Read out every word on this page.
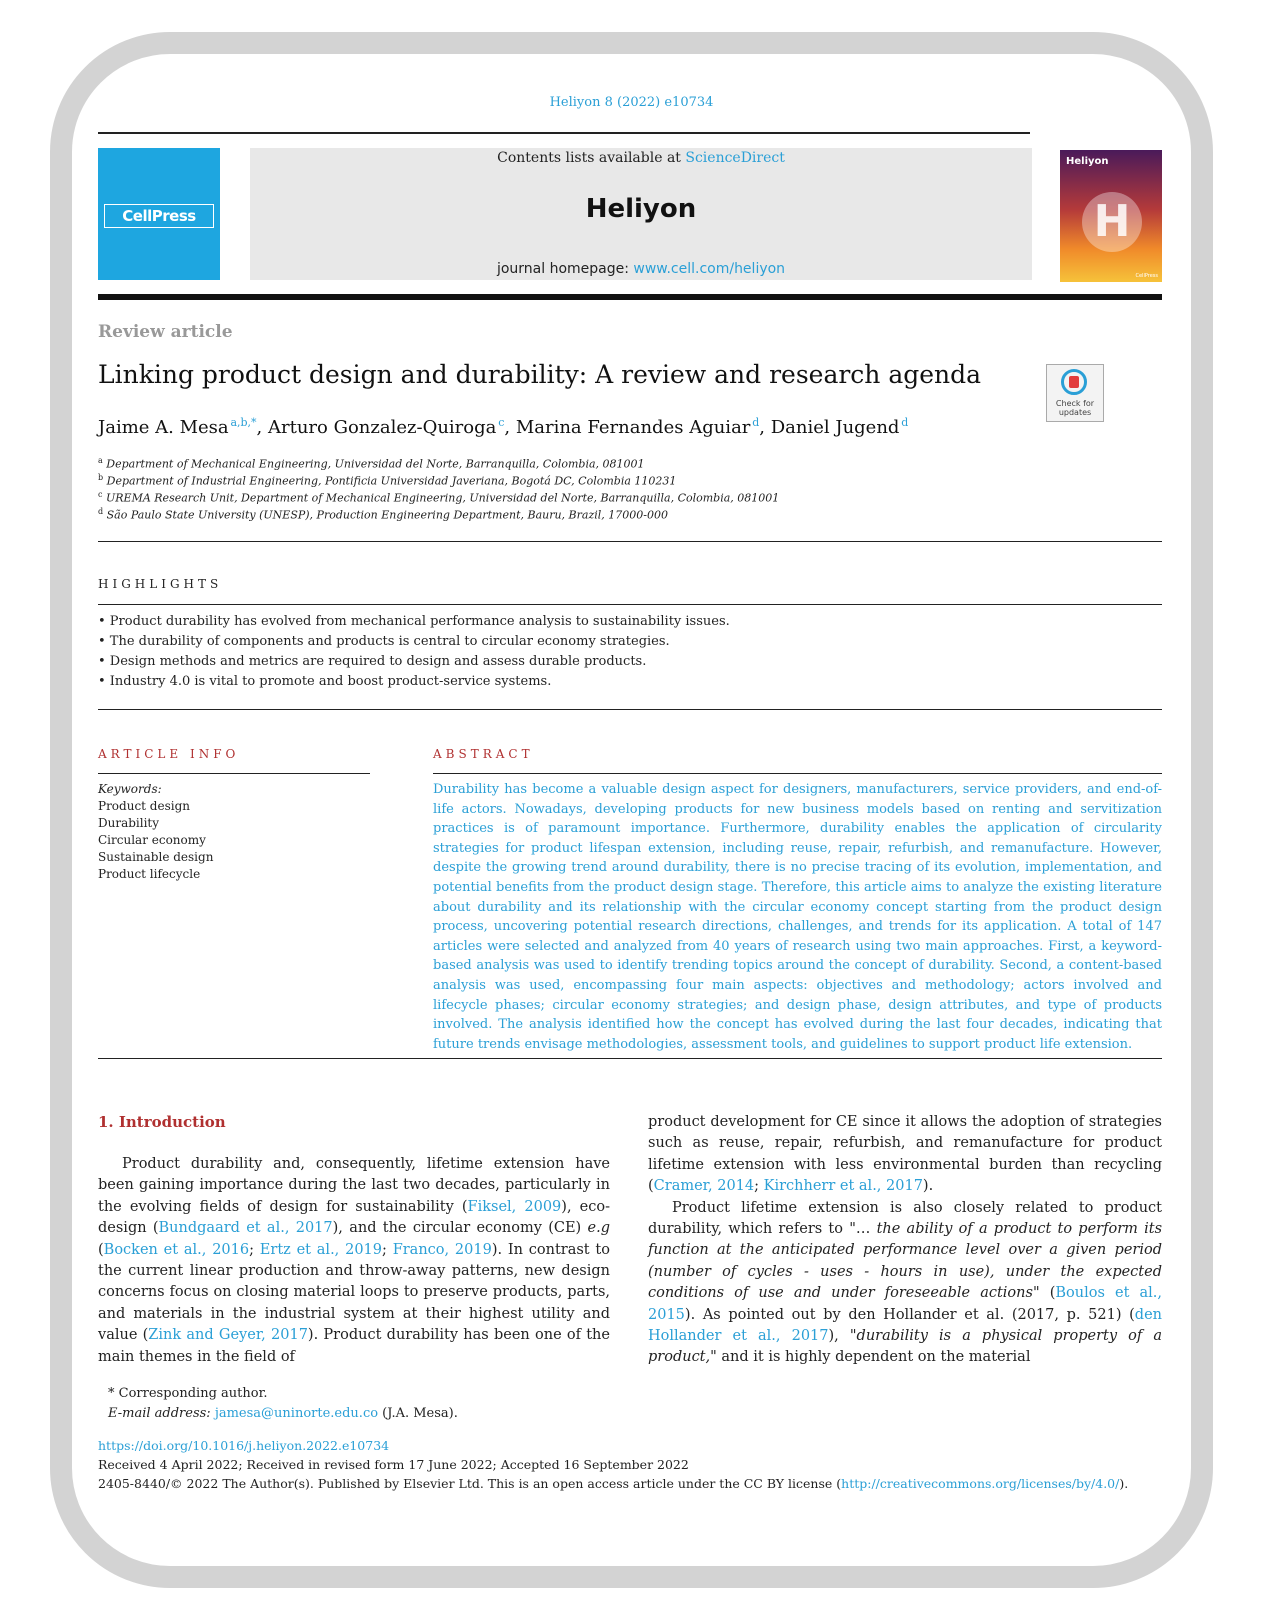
Heliyon 8 (2022) e10734
CellPress
Contents lists available at ScienceDirect
Heliyon
journal homepage: www.cell.com/heliyon
Heliyon
H
CellPress
Review article
Linking product design and durability: A review and research agenda
Check for updates
Jaime A. Mesa  $^{a,b,*}$, Arturo Gonzalez-Quiroga  $^c$, Marina Fernandes Aguiar  $^d$, Daniel Jugend  $^d$
$^a$ Department of Mechanical Engineering, Universidad del Norte, Barranquilla, Colombia, 081001
$^b$ Department of Industrial Engineering, Pontificia Universidad Javeriana, Bogotá DC, Colombia 110231
$^c$ UREMA Research Unit, Department of Mechanical Engineering, Universidad del Norte, Barranquilla, Colombia, 081001
$^d$ São Paulo State University (UNESP), Production Engineering Department, Bauru, Brazil, 17000-000
HIGHLIGHTS
• Product durability has evolved from mechanical performance analysis to sustainability issues.
• The durability of components and products is central to circular economy strategies.
• Design methods and metrics are required to design and assess durable products.
• Industry 4.0 is vital to promote and boost product-service systems.
ARTICLE INFO
Keywords:
Product design
Durability
Circular economy
Sustainable design
Product lifecycle
ABSTRACT
Durability has become a valuable design aspect for designers, manufacturers, service providers, and end-of-life actors. Nowadays, developing products for new business models based on renting and servitization practices is of paramount importance. Furthermore, durability enables the application of circularity strategies for product lifespan extension, including reuse, repair, refurbish, and remanufacture. However, despite the growing trend around durability, there is no precise tracing of its evolution, implementation, and potential benefits from the product design stage. Therefore, this article aims to analyze the existing literature about durability and its relationship with the circular economy concept starting from the product design process, uncovering potential research directions, challenges, and trends for its application. A total of 147 articles were selected and analyzed from 40 years of research using two main approaches. First, a keyword-based analysis was used to identify trending topics around the concept of durability. Second, a content-based analysis was used, encompassing four main aspects: objectives and methodology; actors involved and lifecycle phases; circular economy strategies; and design phase, design attributes, and type of products involved. The analysis identified how the concept has evolved during the last four decades, indicating that future trends envisage methodologies, assessment tools, and guidelines to support product life extension.
1. Introduction

Product durability and, consequently, lifetime extension have been gaining importance during the last two decades, particularly in the evolving fields of design for sustainability (Fiksel, 2009), eco-design (Bundgaard et al., 2017), and the circular economy (CE) e.g (Bocken et al., 2016; Ertz et al., 2019; Franco, 2019). In contrast to the current linear production and throw-away patterns, new design concerns focus on closing material loops to preserve products, parts, and materials in the industrial system at their highest utility and value (Zink and Geyer, 2017). Product durability has been one of the main themes in the field of

product development for CE since it allows the adoption of strategies such as reuse, repair, refurbish, and remanufacture for product lifetime extension with less environmental burden than recycling (Cramer, 2014; Kirchherr et al., 2017).

Product lifetime extension is also closely related to product durability, which refers to "… the ability of a product to perform its function at the anticipated performance level over a given period (number of cycles - uses - hours in use), under the expected conditions of use and under foreseeable actions" (Boulos et al., 2015). As pointed out by den Hollander et al. (2017, p. 521) (den Hollander et al., 2017), "durability is a physical property of a product," and it is highly dependent on the material

* Corresponding author.
E-mail address: jamesa@uninorte.edu.co (J.A. Mesa).
https://doi.org/10.1016/j.heliyon.2022.e10734
Received 4 April 2022; Received in revised form 17 June 2022; Accepted 16 September 2022
2405-8440/© 2022 The Author(s). Published by Elsevier Ltd. This is an open access article under the CC BY license (http://creativecommons.org/licenses/by/4.0/).
